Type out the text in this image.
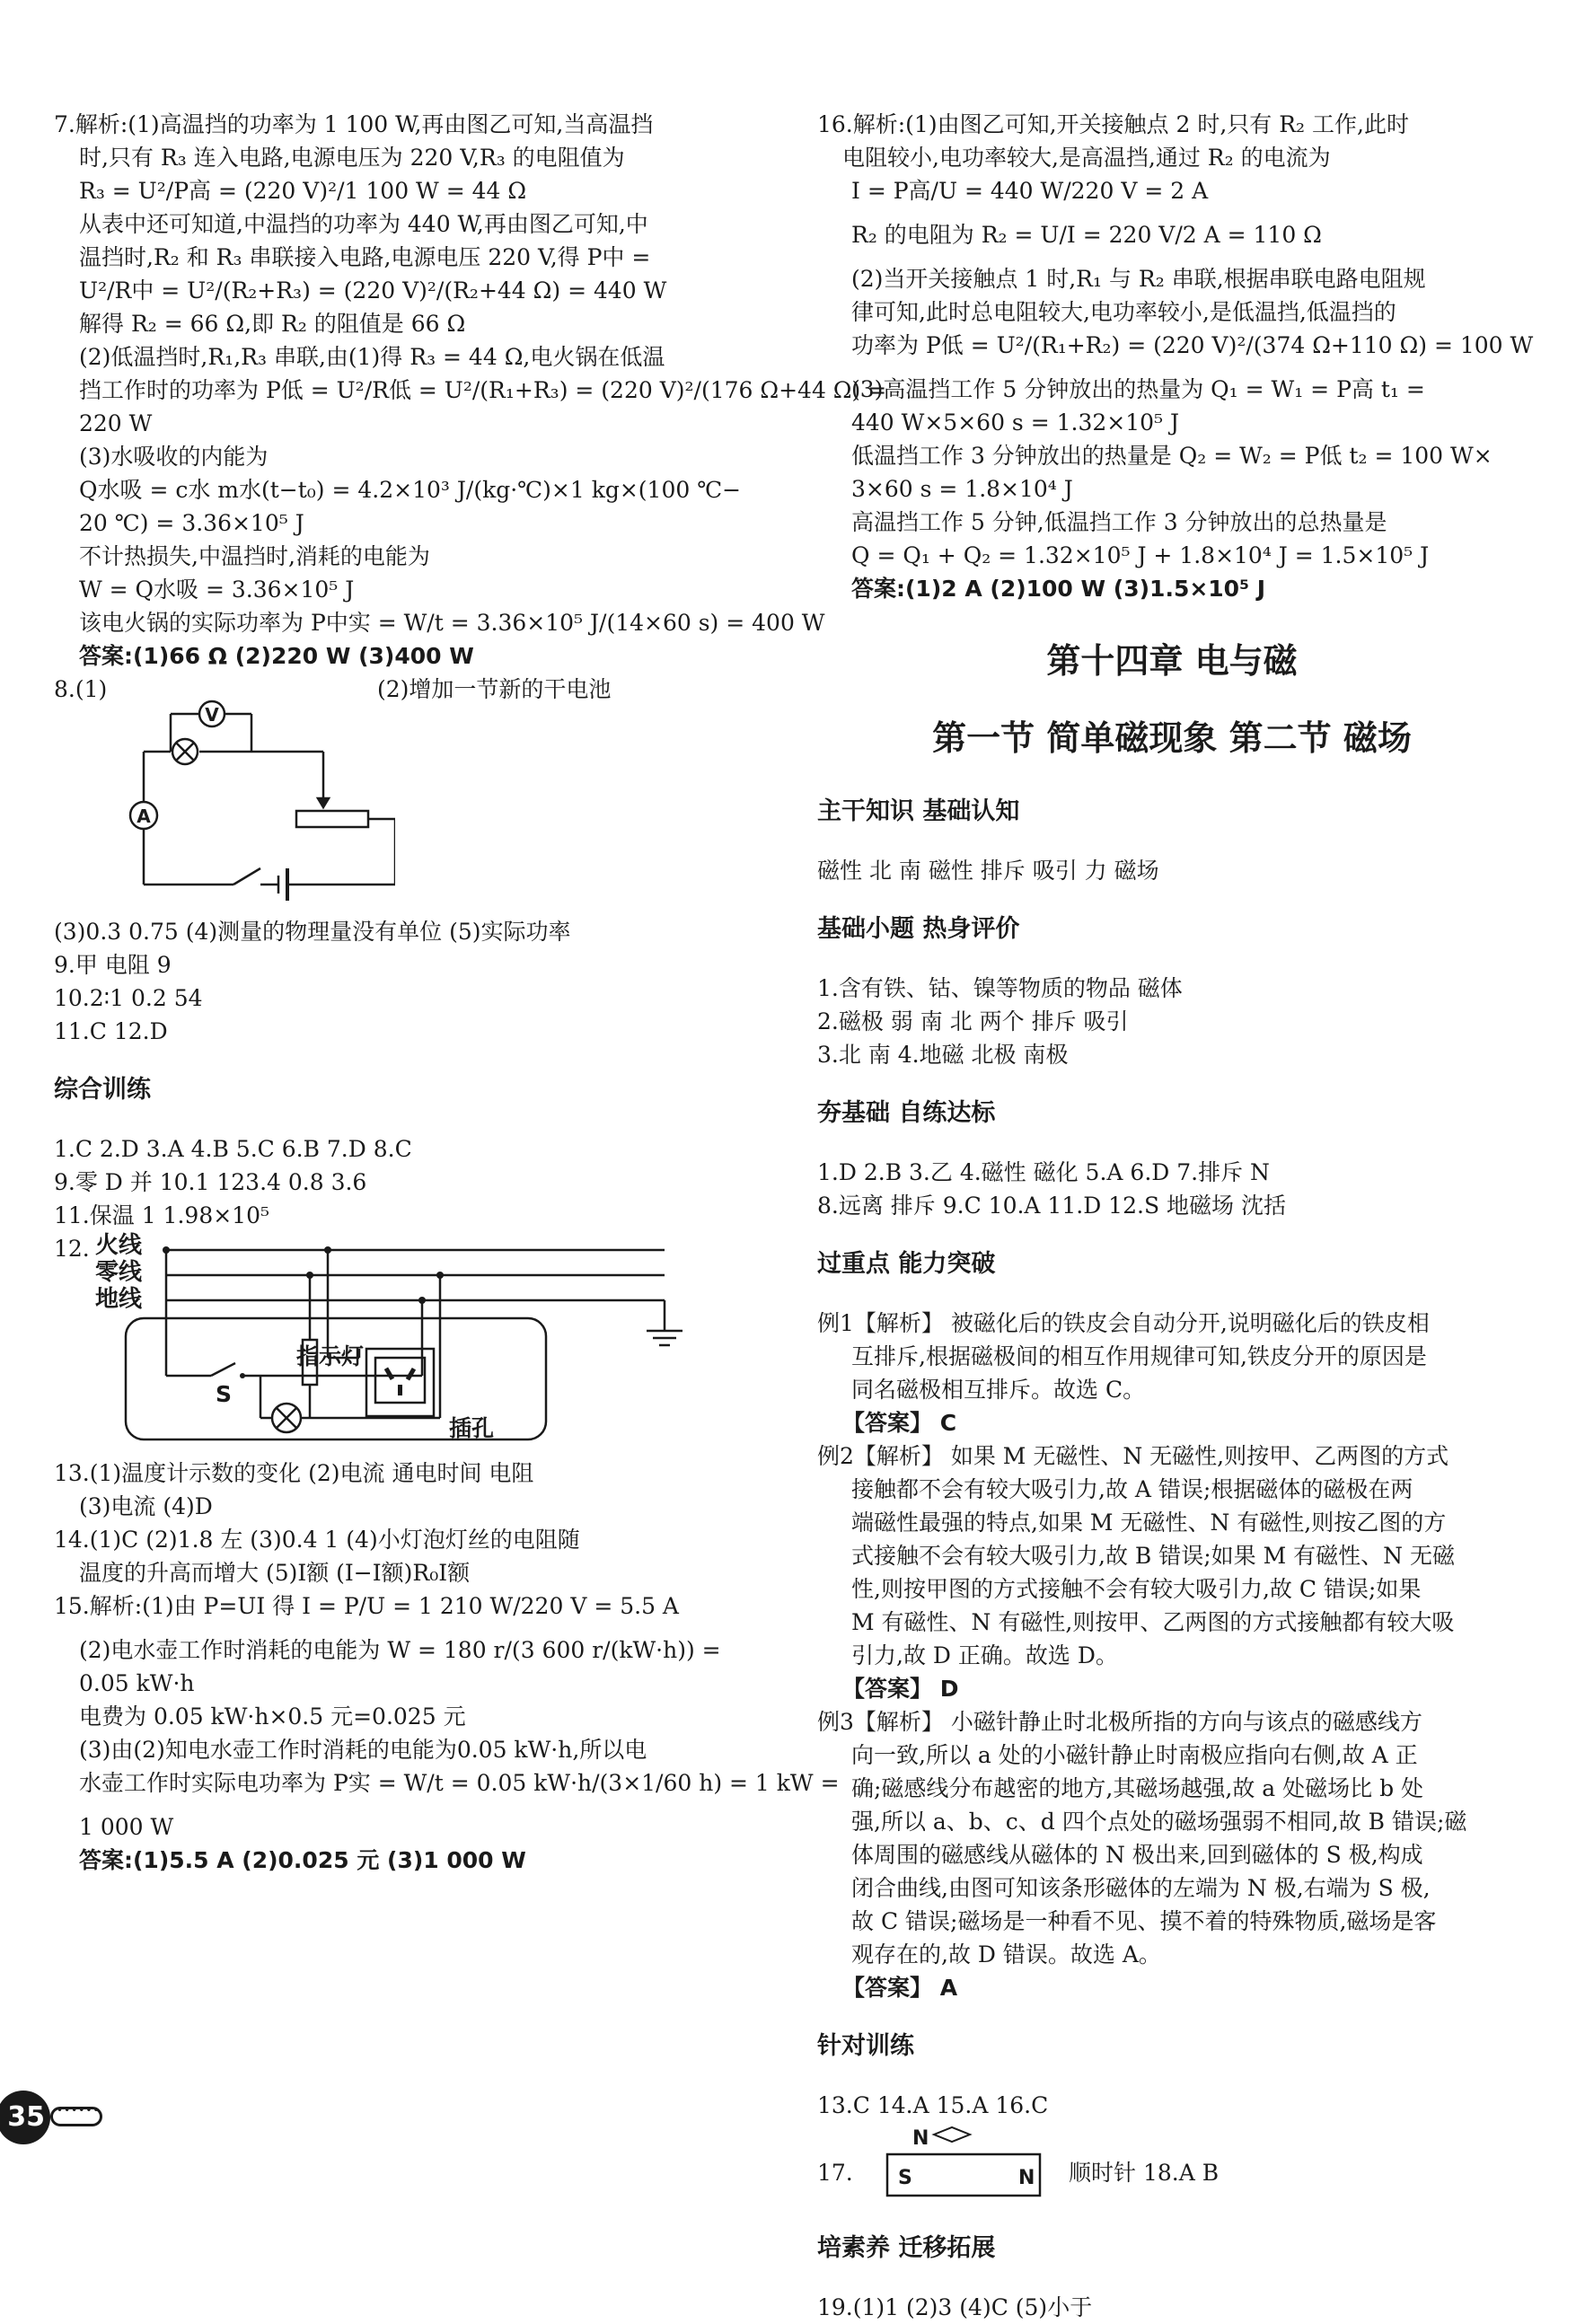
7.解析:(1)高温挡的功率为 1 100 W,再由图乙可知,当高温挡

时,只有 R₃ 连入电路,电源电压为 220 V,R₃ 的电阻值为

R₃ = U²/P高 = (220 V)²/1 100 W = 44 Ω

从表中还可知道,中温挡的功率为 440 W,再由图乙可知,中

温挡时,R₂ 和 R₃ 串联接入电路,电源电压 220 V,得 P中 =

U²/R中 = U²/(R₂+R₃) = (220 V)²/(R₂+44 Ω) = 440 W

解得 R₂ = 66 Ω,即 R₂ 的阻值是 66 Ω

(2)低温挡时,R₁,R₃ 串联,由(1)得 R₃ = 44 Ω,电火锅在低温

挡工作时的功率为 P低 = U²/R低 = U²/(R₁+R₃) = (220 V)²/(176 Ω+44 Ω) =

220 W

(3)水吸收的内能为

Q水吸 = c水 m水(t−t₀) = 4.2×10³ J/(kg·℃)×1 kg×(100 ℃−

20 ℃) = 3.36×10⁵ J

不计热损失,中温挡时,消耗的电能为

W = Q水吸 = 3.36×10⁵ J

该电火锅的实际功率为 P中实 = W/t = 3.36×10⁵ J/(14×60 s) = 400 W

答案:(1)66 Ω (2)220 W (3)400 W

8.(1)	(2)增加一节新的干电池
V
A

(3)0.3 0.75 (4)测量的物理量没有单位 (5)实际功率

9.甲 电阻 9

10.2∶1 0.2 54

11.C 12.D

综合训练

1.C 2.D 3.A 4.B 5.C 6.B 7.D 8.C

9.零 D 并 10.1 123.4 0.8 3.6

11.保温 1 1.98×10⁵

12. 火线
零线
地线
指示灯
插孔
S

13.(1)温度计示数的变化 (2)电流 通电时间 电阻

(3)电流 (4)D

14.(1)C (2)1.8 左 (3)0.4 1 (4)小灯泡灯丝的电阻随

温度的升高而增大 (5)I额 (I−I额)R₀I额

15.解析:(1)由 P=UI 得 I = P/U = 1 210 W/220 V = 5.5 A

(2)电水壶工作时消耗的电能为 W = 180 r/(3 600 r/(kW·h)) =

0.05 kW·h

电费为 0.05 kW·h×0.5 元=0.025 元

(3)由(2)知电水壶工作时消耗的电能为0.05 kW·h,所以电

水壶工作时实际电功率为 P实 = W/t = 0.05 kW·h/(3×1/60 h) = 1 kW =

1 000 W

答案:(1)5.5 A (2)0.025 元 (3)1 000 W

35
••••••

16.解析:(1)由图乙可知,开关接触点 2 时,只有 R₂ 工作,此时

电阻较小,电功率较大,是高温挡,通过 R₂ 的电流为

I = P高/U = 440 W/220 V = 2 A

R₂ 的电阻为 R₂ = U/I = 220 V/2 A = 110 Ω

(2)当开关接触点 1 时,R₁ 与 R₂ 串联,根据串联电路电阻规

律可知,此时总电阻较大,电功率较小,是低温挡,低温挡的

功率为 P低 = U²/(R₁+R₂) = (220 V)²/(374 Ω+110 Ω) = 100 W

(3)高温挡工作 5 分钟放出的热量为 Q₁ = W₁ = P高 t₁ =

440 W×5×60 s = 1.32×10⁵ J

低温挡工作 3 分钟放出的热量是 Q₂ = W₂ = P低 t₂ = 100 W×

3×60 s = 1.8×10⁴ J

高温挡工作 5 分钟,低温挡工作 3 分钟放出的总热量是

Q = Q₁ + Q₂ = 1.32×10⁵ J + 1.8×10⁴ J = 1.5×10⁵ J

答案:(1)2 A (2)100 W (3)1.5×10⁵ J

第十四章 电与磁

第一节 简单磁现象 第二节 磁场

主干知识 基础认知

磁性 北 南 磁性 排斥 吸引 力 磁场

基础小题 热身评价

1.含有铁、钴、镍等物质的物品 磁体

2.磁极 弱 南 北 两个 排斥 吸引

3.北 南 4.地磁 北极 南极

夯基础 自练达标

1.D 2.B 3.乙 4.磁性 磁化 5.A 6.D 7.排斥 N

8.远离 排斥 9.C 10.A 11.D 12.S 地磁场 沈括

过重点 能力突破

例1【解析】 被磁化后的铁皮会自动分开,说明磁化后的铁皮相

互排斥,根据磁极间的相互作用规律可知,铁皮分开的原因是

同名磁极相互排斥。故选 C。

【答案】 C

例2【解析】 如果 M 无磁性、N 无磁性,则按甲、乙两图的方式

接触都不会有较大吸引力,故 A 错误;根据磁体的磁极在两

端磁性最强的特点,如果 M 无磁性、N 有磁性,则按乙图的方

式接触不会有较大吸引力,故 B 错误;如果 M 有磁性、N 无磁

性,则按甲图的方式接触不会有较大吸引力,故 C 错误;如果

M 有磁性、N 有磁性,则按甲、乙两图的方式接触都有较大吸

引力,故 D 正确。故选 D。

【答案】 D

例3【解析】 小磁针静止时北极所指的方向与该点的磁感线方

向一致,所以 a 处的小磁针静止时南极应指向右侧,故 A 正

确;磁感线分布越密的地方,其磁场越强,故 a 处磁场比 b 处

强,所以 a、b、c、d 四个点处的磁场强弱不相同,故 B 错误;磁

体周围的磁感线从磁体的 N 极出来,回到磁体的 S 极,构成

闭合曲线,由图可知该条形磁体的左端为 N 极,右端为 S 极,

故 C 错误;磁场是一种看不见、摸不着的特殊物质,磁场是客

观存在的,故 D 错误。故选 A。

【答案】 A

针对训练

13.C 14.A 15.A 16.C

17.
N
S	N 顺时针 18.A B

培素养 迁移拓展

19.(1)1 (2)3 (4)C (5)小于
